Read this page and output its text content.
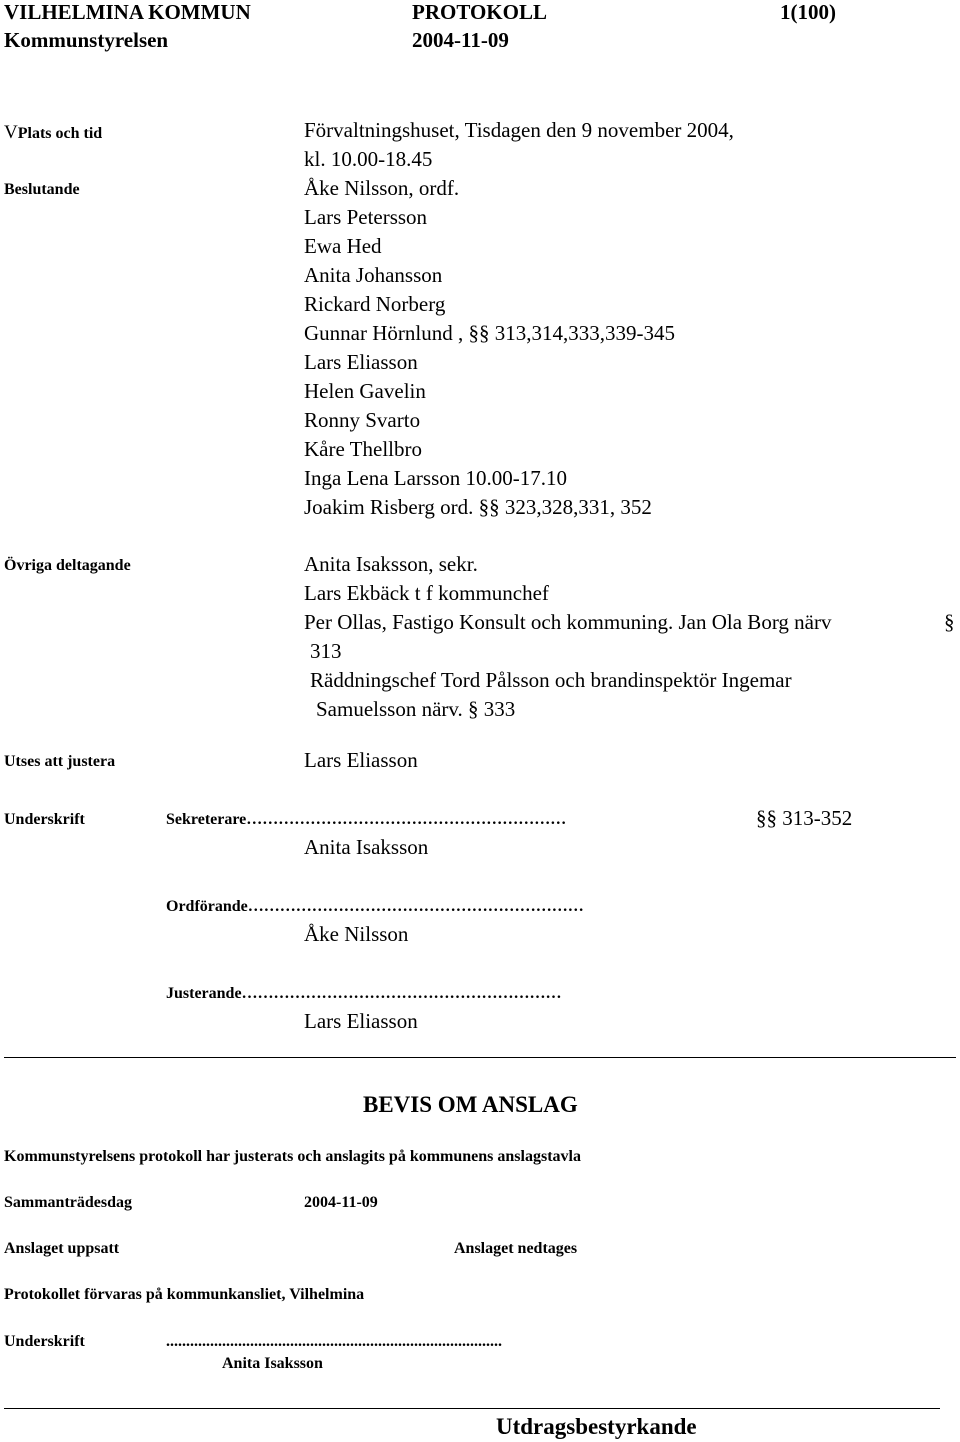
VILHELMINA KOMMUN	PROTOKOLL	1(100)
Kommunstyrelsen	2004-11-09
VPlats och tid	Förvaltningshuset, Tisdagen den 9 november 2004,
kl. 10.00-18.45
Beslutande	Åke Nilsson, ordf.
Lars Petersson
Ewa Hed
Anita Johansson
Rickard Norberg
Gunnar Hörnlund , §§ 313,314,333,339-345
Lars Eliasson
Helen Gavelin
Ronny Svarto
Kåre Thellbro
Inga Lena Larsson 10.00-17.10
Joakim Risberg ord. §§ 323,328,331, 352
Övriga deltagande	Anita Isaksson, sekr.
Lars Ekbäck t f kommunchef
Per Ollas, Fastigo Konsult och kommuning. Jan Ola Borg närv	§
313
Räddningschef Tord Pålsson och brandinspektör Ingemar
Samuelsson närv. § 333
Utses att justera	Lars Eliasson
Underskrift	Sekreterare……………………………………………………	§§ 313-352
Anita Isaksson
Ordförande………………………………………………………
Åke Nilsson
Justerande……………………………………………………
Lars Eliasson
BEVIS OM ANSLAG
Kommunstyrelsens protokoll har justerats och anslagits på kommunens anslagstavla
Sammanträdesdag	2004-11-09
Anslaget uppsatt	Anslaget nedtages
Protokollet förvaras på kommunkansliet, Vilhelmina
Underskrift	....................................................................................
Anita Isaksson
Utdragsbestyrkande
